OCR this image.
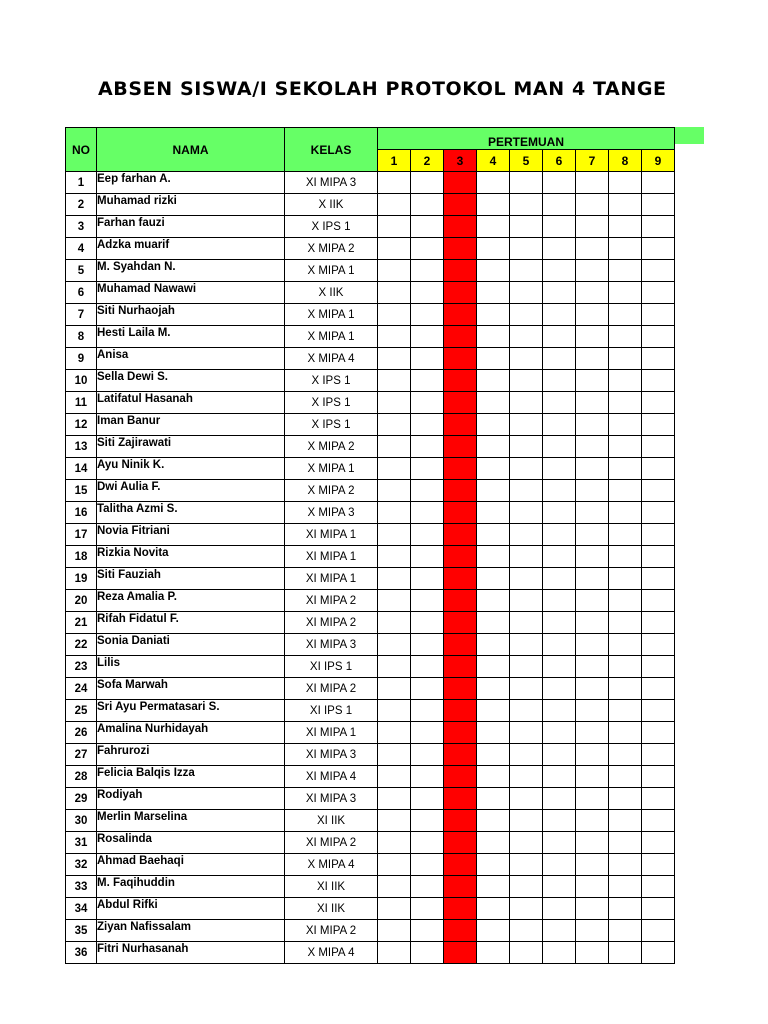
ABSEN SISWA/I SEKOLAH PROTOKOL MAN 4 TANGE
NO	NAMA	KELAS	PERTEMUAN								
			1	2	3	4	5	6	7	8	9
1	Eep farhan A.	XI MIPA 3									
2	Muhamad rizki	X IIK									
3	Farhan fauzi	X IPS 1									
4	Adzka muarif	X MIPA 2									
5	M. Syahdan N.	X MIPA 1									
6	Muhamad Nawawi	X IIK									
7	Siti Nurhaojah	X MIPA 1									
8	Hesti Laila M.	X MIPA 1									
9	Anisa	X MIPA 4									
10	Sella Dewi S.	X IPS 1									
11	Latifatul Hasanah	X IPS 1									
12	Iman Banur	X IPS 1									
13	Siti Zajirawati	X MIPA 2									
14	Ayu Ninik K.	X MIPA 1									
15	Dwi Aulia F.	X MIPA 2									
16	Talitha Azmi S.	X MIPA 3									
17	Novia Fitriani	XI MIPA 1									
18	Rizkia Novita	XI MIPA 1									
19	Siti Fauziah	XI MIPA 1									
20	Reza Amalia P.	XI MIPA 2									
21	Rifah Fidatul F.	XI MIPA 2									
22	Sonia Daniati	XI MIPA 3									
23	Lilis	XI IPS 1									
24	Sofa Marwah	XI MIPA 2									
25	Sri Ayu Permatasari S.	XI IPS 1									
26	Amalina Nurhidayah	XI MIPA 1									
27	Fahrurozi	XI MIPA 3									
28	Felicia Balqis Izza	XI MIPA 4									
29	Rodiyah	XI MIPA 3									
30	Merlin Marselina	XI IIK									
31	Rosalinda	XI MIPA 2									
32	Ahmad Baehaqi	X MIPA 4									
33	M. Faqihuddin	XI IIK									
34	Abdul Rifki	XI IIK									
35	Ziyan Nafissalam	XI MIPA 2									
36	Fitri Nurhasanah	X MIPA 4									
